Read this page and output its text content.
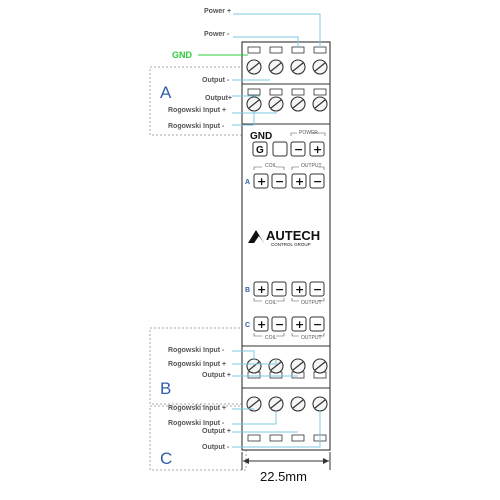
Power +
Power -
GND
Output -
Output+
Rogowski Input +
Rogowski Input -
A
GND	POWER
G	− +
COIL	OUTPUT
A + − + −
AUTECH
CONTROL GROUP
B + − + −
COIL	OUTPUT
C + − + −
COIL	OUTPUT
Rogowski Input -
Rogowski Input +
Output +
B
Rogowski Input +
Rogowski Input -
Output +
Output -
C
22.5mm
